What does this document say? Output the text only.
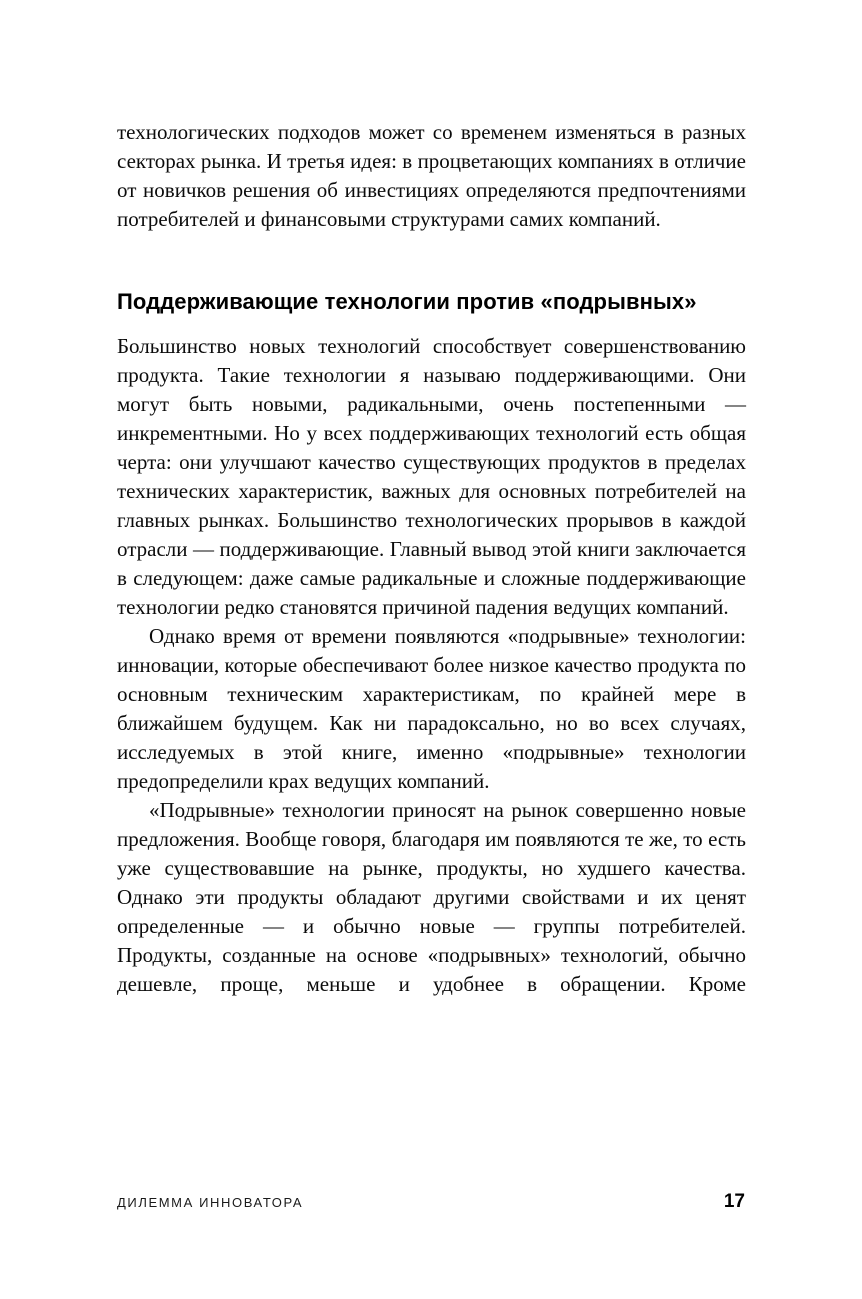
технологических подходов может со временем изменяться в разных секторах рынка. И третья идея: в процветающих компаниях в отличие от новичков решения об инвестициях определяются предпочтениями потребителей и финансовыми структурами самих компаний.

Поддерживающие технологии против «подрывных»

Большинство новых технологий способствует совершенствованию продукта. Такие технологии я называю поддерживающими. Они могут быть новыми, радикальными, очень постепенными — инкрементными. Но у всех поддерживающих технологий есть общая черта: они улучшают качество существующих продуктов в пределах технических характеристик, важных для основных потребителей на главных рынках. Большинство технологических прорывов в каждой отрасли — поддерживающие. Главный вывод этой книги заключается в следующем: даже самые радикальные и сложные поддерживающие технологии редко становятся причиной падения ведущих компаний.

Однако время от времени появляются «подрывные» технологии: инновации, которые обеспечивают более низкое качество продукта по основным техническим характеристикам, по крайней мере в ближайшем будущем. Как ни парадоксально, но во всех случаях, исследуемых в этой книге, именно «подрывные» технологии предопределили крах ведущих компаний.

«Подрывные» технологии приносят на рынок совершенно новые предложения. Вообще говоря, благодаря им появляются те же, то есть уже существовавшие на рынке, продукты, но худшего качества. Однако эти продукты обладают другими свойствами и их ценят определенные — и обычно новые — группы потребителей. Продукты, созданные на основе «подрывных» технологий, обычно дешевле, проще, меньше и удобнее в обращении. Кроме

ДИЛЕММА ИННОВАТОРА	17
